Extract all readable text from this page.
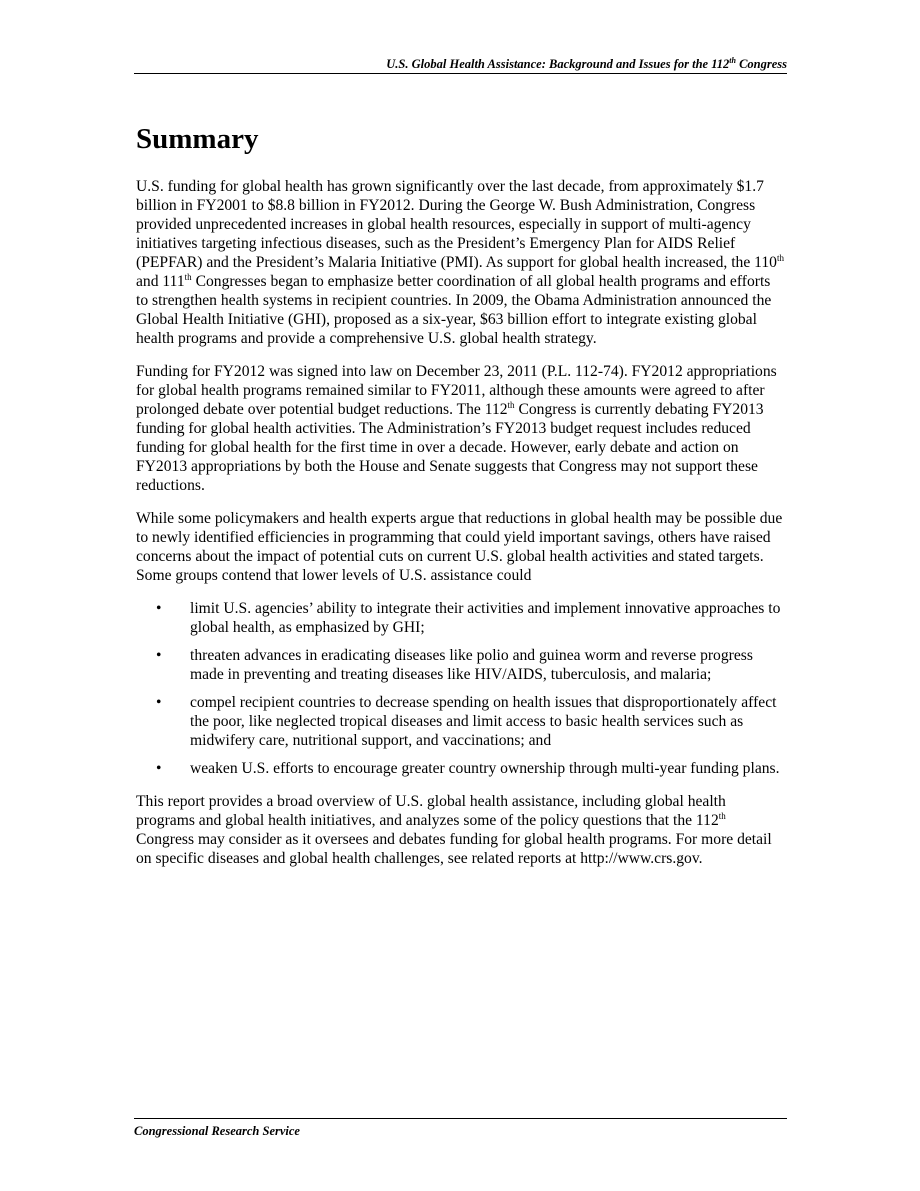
U.S. Global Health Assistance: Background and Issues for the 112th Congress
Summary

U.S. funding for global health has grown significantly over the last decade, from approximately $1.7 billion in FY2001 to $8.8 billion in FY2012. During the George W. Bush Administration, Congress provided unprecedented increases in global health resources, especially in support of multi-agency initiatives targeting infectious diseases, such as the President’s Emergency Plan for AIDS Relief (PEPFAR) and the President’s Malaria Initiative (PMI). As support for global health increased, the 110th and 111th Congresses began to emphasize better coordination of all global health programs and efforts to strengthen health systems in recipient countries. In 2009, the Obama Administration announced the Global Health Initiative (GHI), proposed as a six-year, $63 billion effort to integrate existing global health programs and provide a comprehensive U.S. global health strategy.

Funding for FY2012 was signed into law on December 23, 2011 (P.L. 112-74). FY2012 appropriations for global health programs remained similar to FY2011, although these amounts were agreed to after prolonged debate over potential budget reductions. The 112th Congress is currently debating FY2013 funding for global health activities. The Administration’s FY2013 budget request includes reduced funding for global health for the first time in over a decade. However, early debate and action on FY2013 appropriations by both the House and Senate suggests that Congress may not support these reductions.

While some policymakers and health experts argue that reductions in global health may be possible due to newly identified efficiencies in programming that could yield important savings, others have raised concerns about the impact of potential cuts on current U.S. global health activities and stated targets. Some groups contend that lower levels of U.S. assistance could

• limit U.S. agencies’ ability to integrate their activities and implement innovative approaches to global health, as emphasized by GHI;
• threaten advances in eradicating diseases like polio and guinea worm and reverse progress made in preventing and treating diseases like HIV/AIDS, tuberculosis, and malaria;
• compel recipient countries to decrease spending on health issues that disproportionately affect the poor, like neglected tropical diseases and limit access to basic health services such as midwifery care, nutritional support, and vaccinations; and
• weaken U.S. efforts to encourage greater country ownership through multi-year funding plans.

This report provides a broad overview of U.S. global health assistance, including global health programs and global health initiatives, and analyzes some of the policy questions that the 112th Congress may consider as it oversees and debates funding for global health programs. For more detail on specific diseases and global health challenges, see related reports at http://www.crs.gov.

Congressional Research Service
